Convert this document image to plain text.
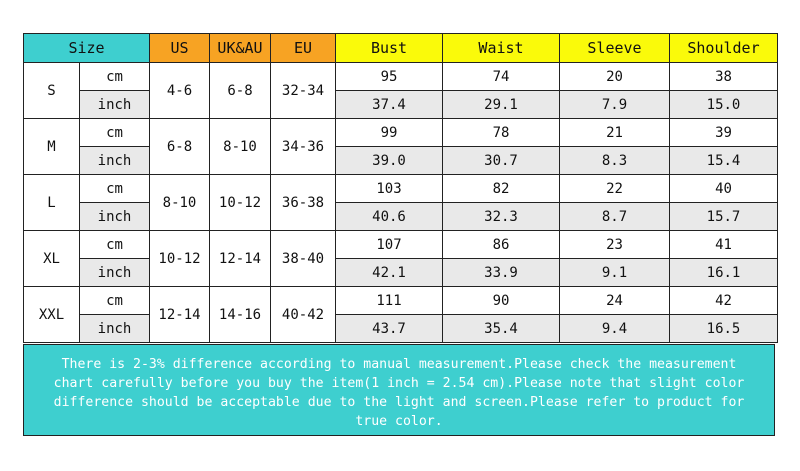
Size		US	UK&AU	EU	Bust	Waist	Sleeve	Shoulder
S	cm	4-6	6-8	32-34	95	74	20	38
	inch				37.4	29.1	7.9	15.0
M	cm	6-8	8-10	34-36	99	78	21	39
	inch				39.0	30.7	8.3	15.4
L	cm	8-10	10-12	36-38	103	82	22	40
	inch				40.6	32.3	8.7	15.7
XL	cm	10-12	12-14	38-40	107	86	23	41
	inch				42.1	33.9	9.1	16.1
XXL	cm	12-14	14-16	40-42	111	90	24	42
	inch				43.7	35.4	9.4	16.5
There is 2-3% difference according to manual measurement.Please check the measurement
chart carefully before you buy the item(1 inch = 2.54 cm).Please note that slight color
difference should be acceptable due to the light and screen.Please refer to product for
true color.
